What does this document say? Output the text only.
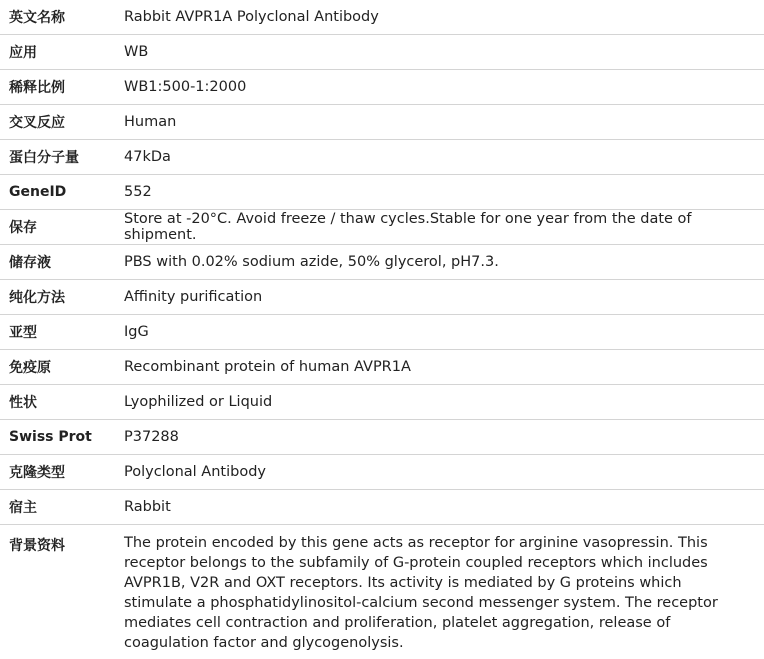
英文名称	Rabbit AVPR1A Polyclonal Antibody
应用	WB
稀释比例	WB1:500-1:2000
交叉反应	Human
蛋白分子量	47kDa
GeneID	552
保存	Store at -20°C. Avoid freeze / thaw cycles.Stable for one year from the date of shipment.
储存液	PBS with 0.02% sodium azide, 50% glycerol, pH7.3.
纯化方法	Affinity purification
亚型	IgG
免疫原	Recombinant protein of human AVPR1A
性状	Lyophilized or Liquid
Swiss Prot	P37288
克隆类型	Polyclonal Antibody
宿主	Rabbit
背景资料	The protein encoded by this gene acts as receptor for arginine vasopressin. This receptor belongs to the subfamily of G-protein coupled receptors which includes AVPR1B, V2R and OXT receptors. Its activity is mediated by G proteins which stimulate a phosphatidylinositol-calcium second messenger system. The receptor mediates cell contraction and proliferation, platelet aggregation, release of coagulation factor and glycogenolysis.
